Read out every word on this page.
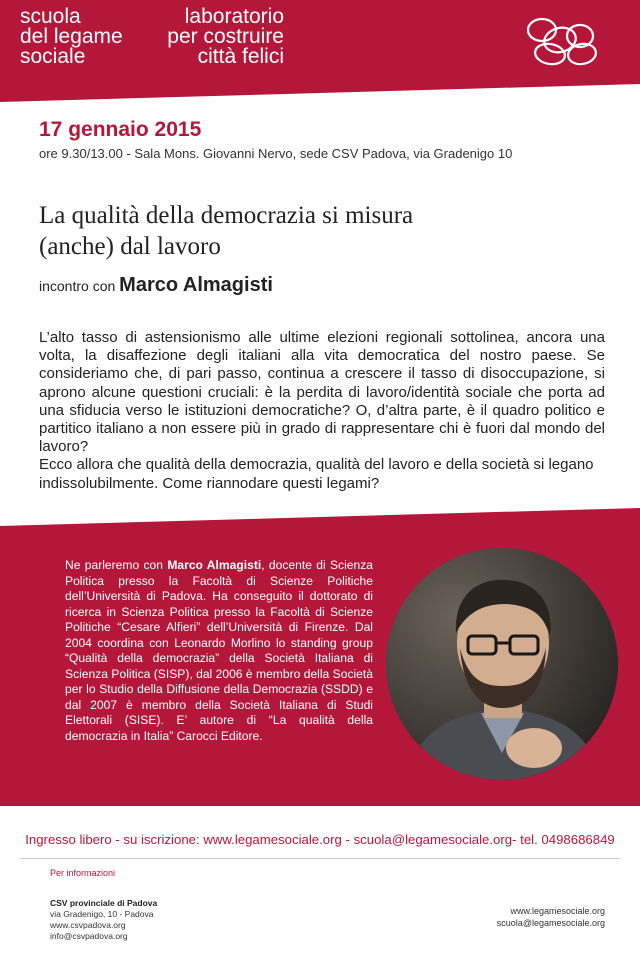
scuola
del legame
sociale
laboratorio
per costruire
città felici
17 gennaio 2015
ore 9.30/13.00 - Sala Mons. Giovanni Nervo, sede CSV Padova, via Gradenigo 10
La qualità della democrazia si misura
(anche) dal lavoro
incontro con Marco Almagisti
L’alto tasso di astensionismo alle ultime elezioni regionali sottolinea, ancora una volta, la disaffezione degli italiani alla vita democratica del nostro paese. Se consideriamo che, di pari passo, continua a crescere il tasso di disoccupazione, si aprono alcune questioni cruciali: è la perdita di lavoro/identità sociale che porta ad una sfiducia verso le istituzioni democratiche? O, d’altra parte, è il quadro politico e partitico italiano a non essere più in grado di rappresentare chi è fuori dal mondo del lavoro?
Ecco allora che qualità della democrazia, qualità del lavoro e della società si legano indissolubilmente. Come riannodare questi legami?
Ne parleremo con Marco Almagisti, docente di Scienza Politica presso la Facoltà di Scienze Politiche dell’Università di Padova. Ha conseguito il dottorato di ricerca in Scienza Politica presso la Facoltà di Scienze Politiche “Cesare Alfieri” dell’Università di Firenze. Dal 2004 coordina con Leonardo Morlino lo standing group “Qualità della democrazia” della Società Italiana di Scienza Politica (SISP), dal 2006 è membro della Società per lo Studio della Diffusione della Democrazia (SSDD) e dal 2007 è membro della Società Italiana di Studi Elettorali (SISE). E’ autore di “La qualità della democrazia in Italia” Carocci Editore.
Ingresso libero - su iscrizione: www.legamesociale.org - scuola@legamesociale.org- tel. 0498686849
Per informazioni
CSV provinciale di Padova
via Gradenigo, 10 - Padova
www.csvpadova.org
info@csvpadova.org
www.legamesociale.org
scuola@legamesociale.org
